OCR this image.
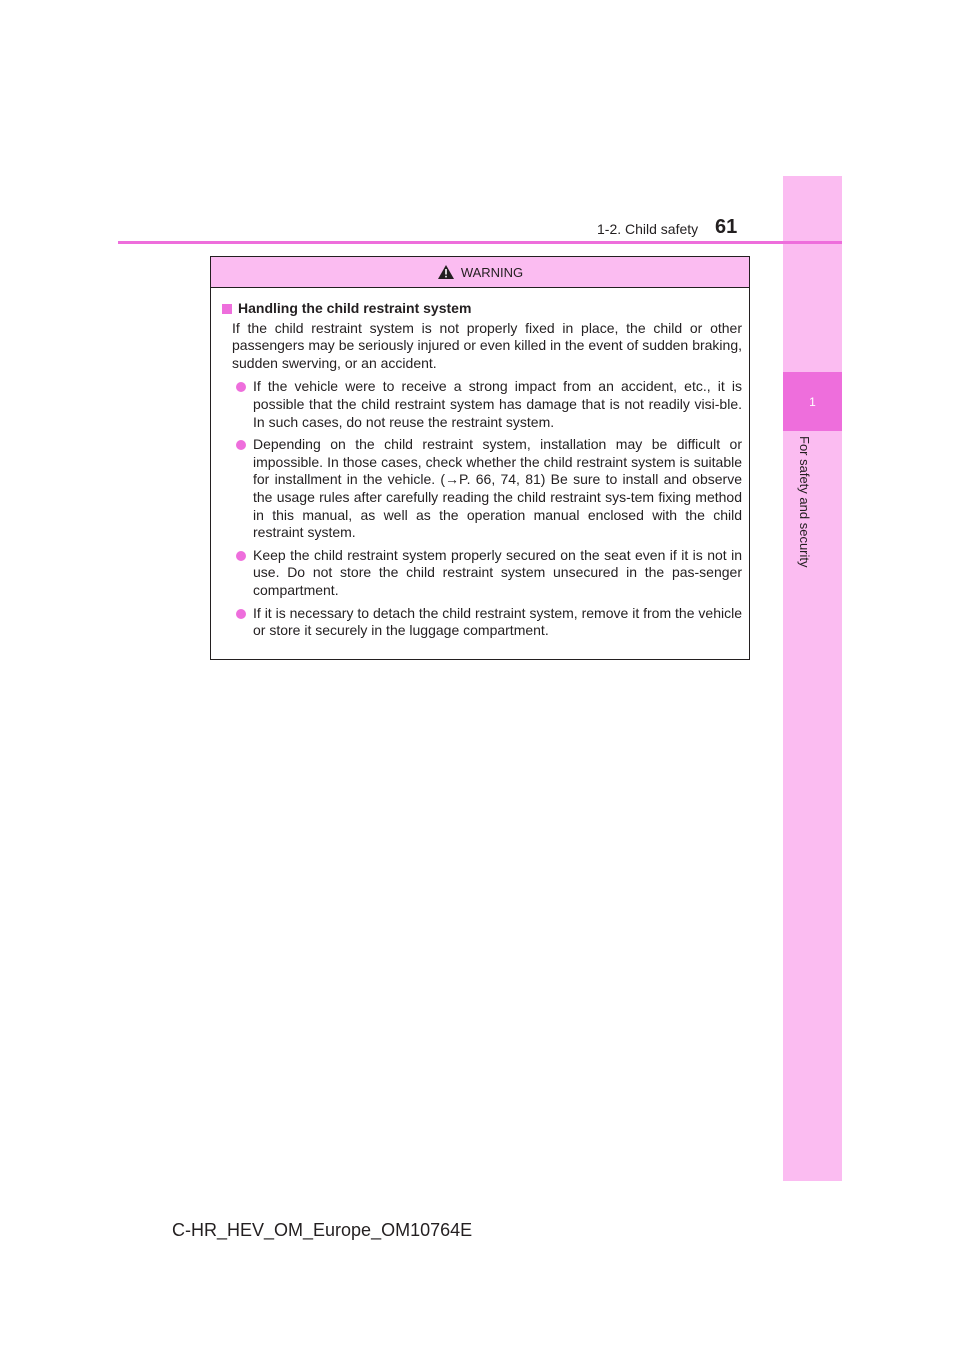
1
For safety and security
1-2. Child safety 61
WARNING
Handling the child restraint system
If the child restraint system is not properly fixed in place, the child or other passengers may be seriously injured or even killed in the event of sudden braking, sudden swerving, or an accident.
If the vehicle were to receive a strong impact from an accident, etc., it is possible that the child restraint system has damage that is not readily visi-ble. In such cases, do not reuse the restraint system.
Depending on the child restraint system, installation may be difficult or impossible. In those cases, check whether the child restraint system is suitable for installment in the vehicle. (→P. 66, 74, 81) Be sure to install and observe the usage rules after carefully reading the child restraint sys-tem fixing method in this manual, as well as the operation manual enclosed with the child restraint system.
Keep the child restraint system properly secured on the seat even if it is not in use. Do not store the child restraint system unsecured in the pas-senger compartment.
If it is necessary to detach the child restraint system, remove it from the vehicle or store it securely in the luggage compartment.
C-HR_HEV_OM_Europe_OM10764E
